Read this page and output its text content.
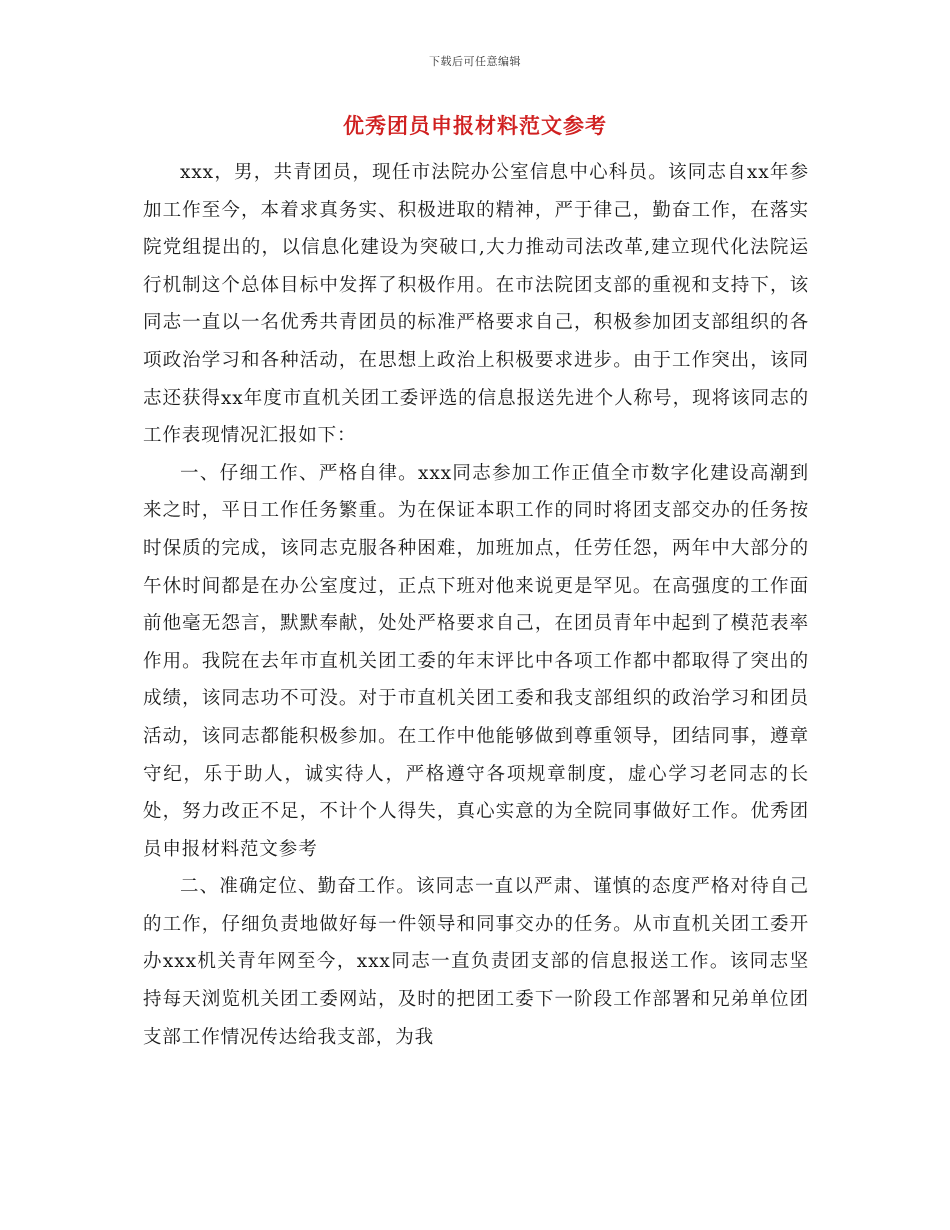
下载后可任意编辑
优秀团员申报材料范文参考

xxx，男，共青团员，现任市法院办公室信息中心科员。该同志自xx年参加工作至今，本着求真务实、积极进取的精神，严于律己，勤奋工作，在落实院党组提出的，以信息化建设为突破口,大力推动司法改革,建立现代化法院运行机制这个总体目标中发挥了积极作用。在市法院团支部的重视和支持下，该同志一直以一名优秀共青团员的标准严格要求自己，积极参加团支部组织的各项政治学习和各种活动，在思想上政治上积极要求进步。由于工作突出，该同志还获得xx年度市直机关团工委评选的信息报送先进个人称号，现将该同志的工作表现情况汇报如下：

一、仔细工作、严格自律。xxx同志参加工作正值全市数字化建设高潮到来之时，平日工作任务繁重。为在保证本职工作的同时将团支部交办的任务按时保质的完成，该同志克服各种困难，加班加点，任劳任怨，两年中大部分的午休时间都是在办公室度过，正点下班对他来说更是罕见。在高强度的工作面前他毫无怨言，默默奉献，处处严格要求自己，在团员青年中起到了模范表率作用。我院在去年市直机关团工委的年末评比中各项工作都中都取得了突出的成绩，该同志功不可没。对于市直机关团工委和我支部组织的政治学习和团员活动，该同志都能积极参加。在工作中他能够做到尊重领导，团结同事，遵章守纪，乐于助人，诚实待人，严格遵守各项规章制度，虚心学习老同志的长处，努力改正不足，不计个人得失，真心实意的为全院同事做好工作。优秀团员申报材料范文参考

二、准确定位、勤奋工作。该同志一直以严肃、谨慎的态度严格对待自己的工作，仔细负责地做好每一件领导和同事交办的任务。从市直机关团工委开办xxx机关青年网至今，xxx同志一直负责团支部的信息报送工作。该同志坚持每天浏览机关团工委网站，及时的把团工委下一阶段工作部署和兄弟单位团支部工作情况传达给我支部，为我
